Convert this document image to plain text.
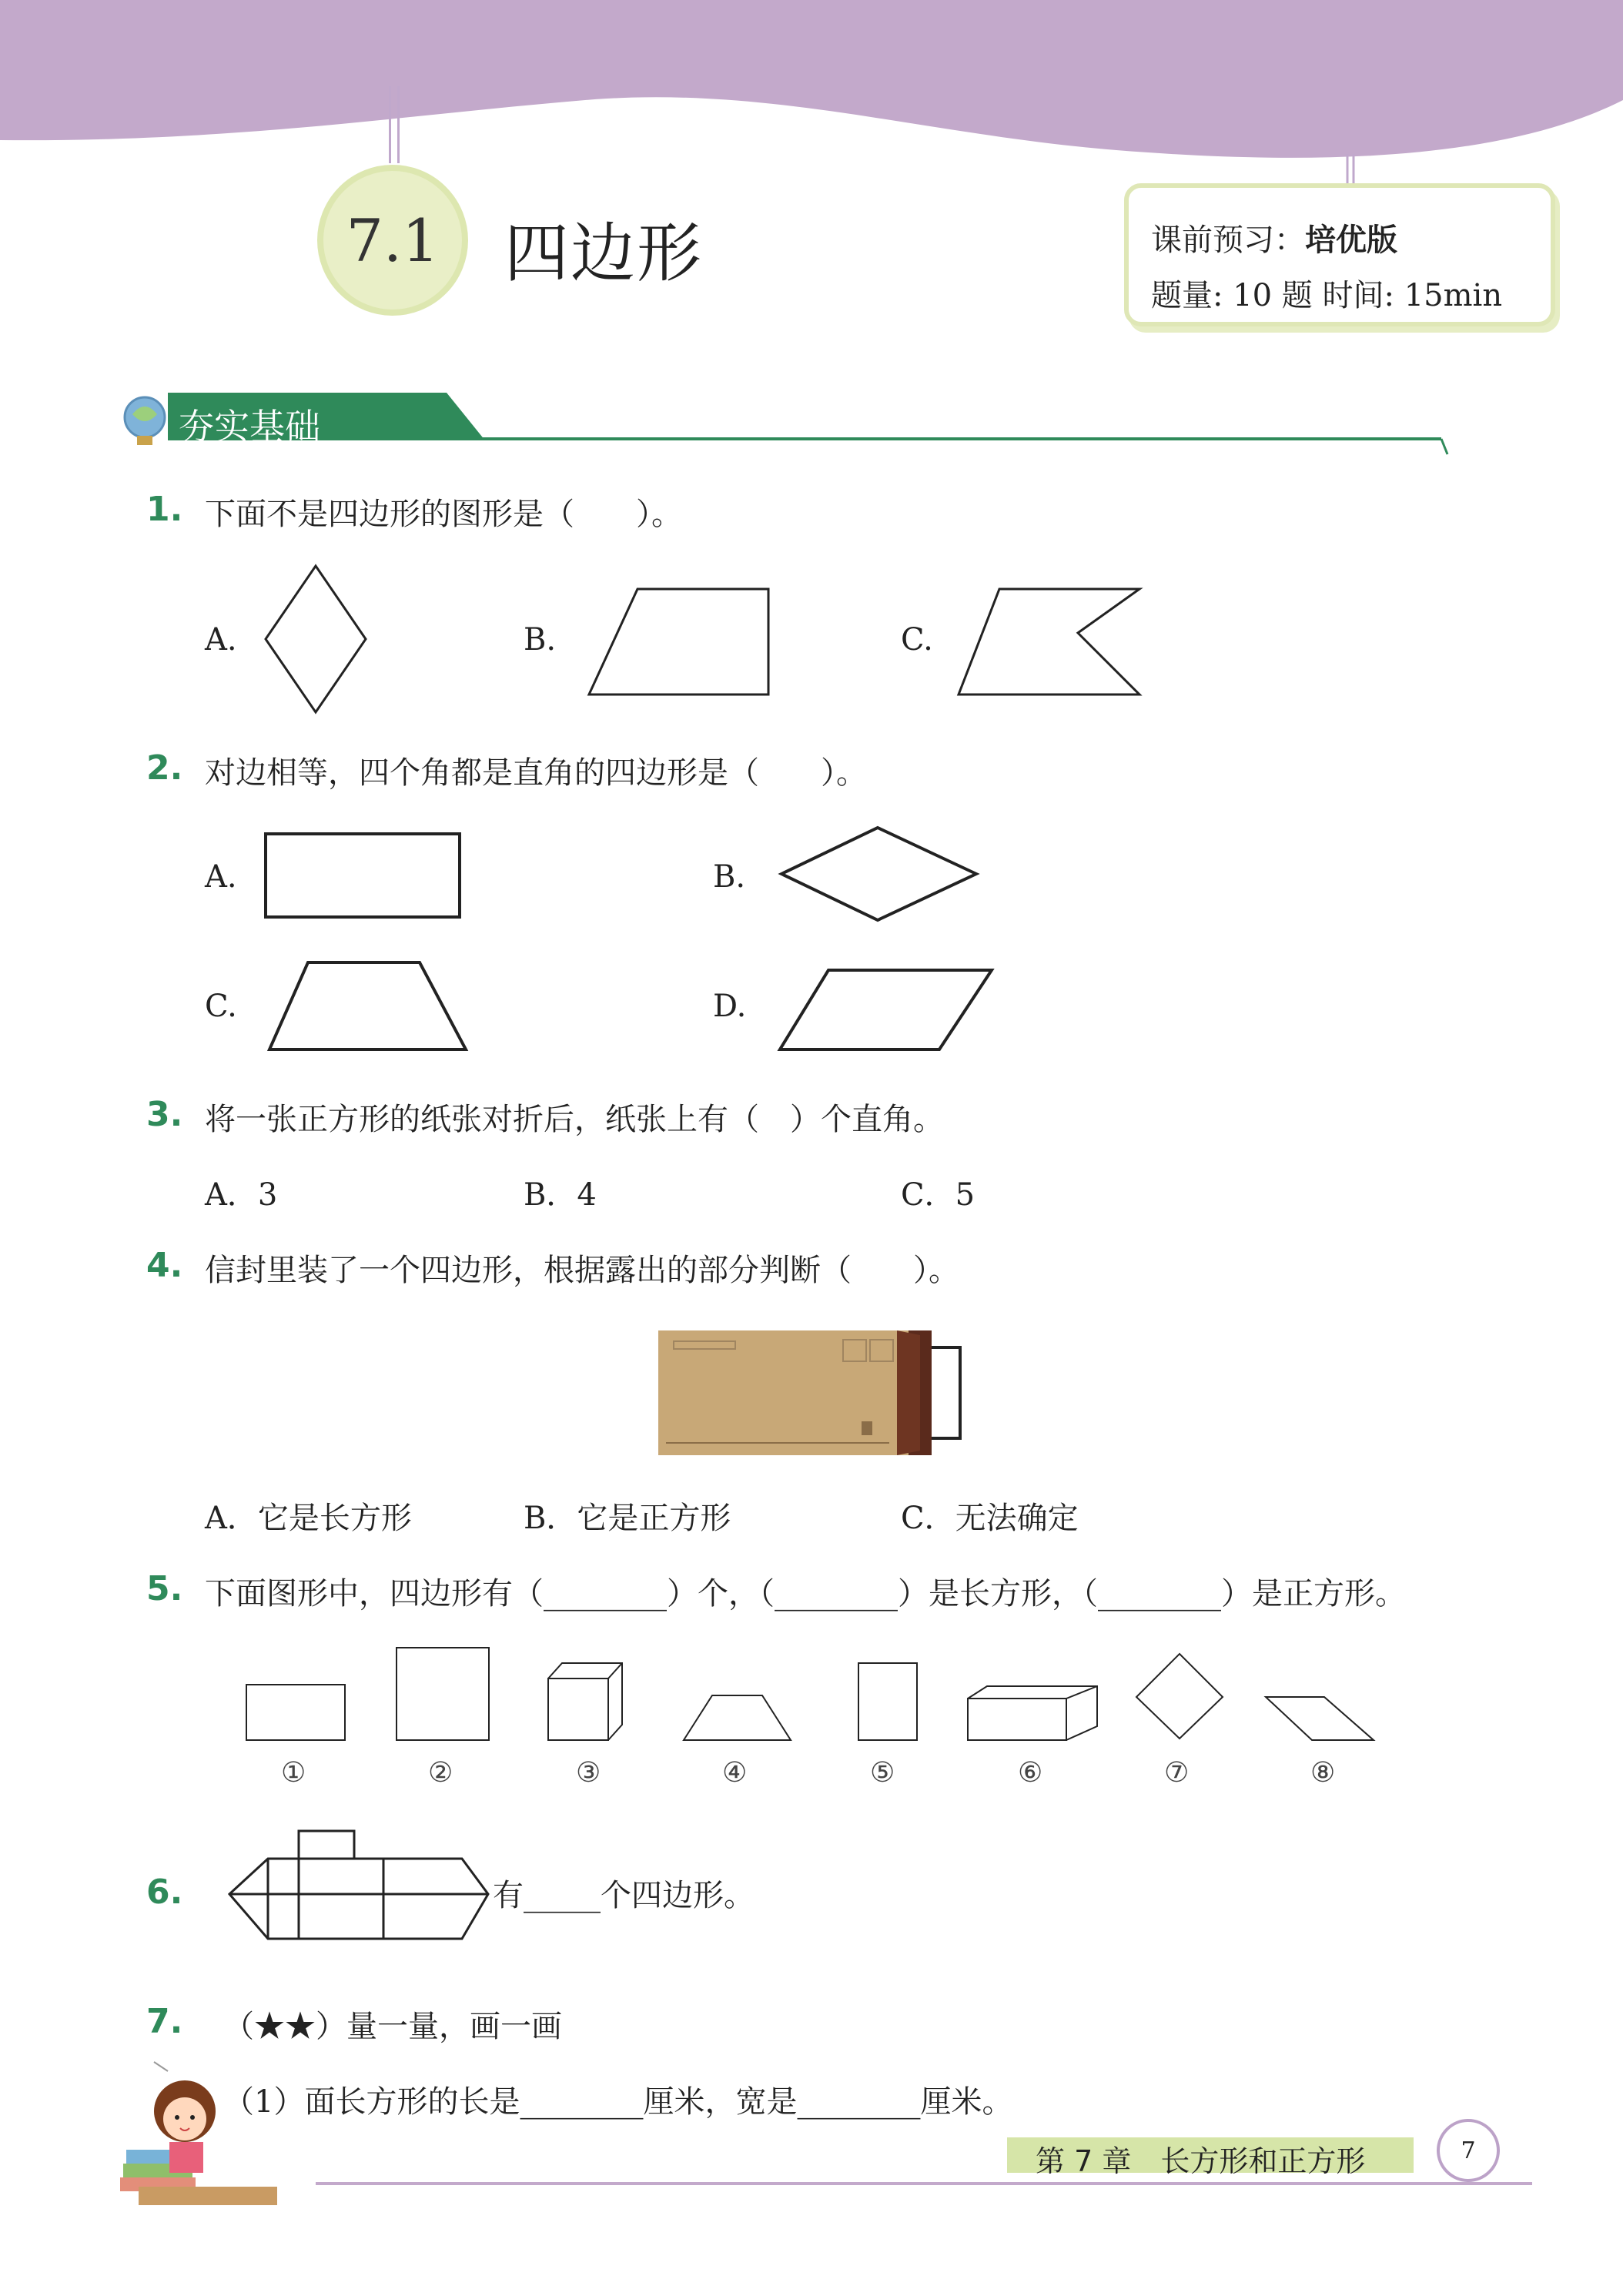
7.1 四边形	课前预习：培优版
题量: 10 题 时间: 15min
夯实基础
1. 下面不是四边形的图形是（　　）。
A.	B.	C.
2. 对边相等，四个角都是直角的四边形是（　　）。
A.	B.
C.	D.
3. 将一张正方形的纸张对折后，纸张上有（　）个直角。
A．3	B．4	C．5
4. 信封里装了一个四边形，根据露出的部分判断（　　）。
A．它是长方形	B．它是正方形	C．无法确定
5. 下面图形中，四边形有（________）个，（________）是长方形，（________）是正方形。
①	②	③	④	⑤	⑥	⑦	⑧
6.	有_____个四边形。
7. （★★）量一量，画一画
（1）面长方形的长是________厘米，宽是________厘米。
第 7 章　长方形和正方形	7
